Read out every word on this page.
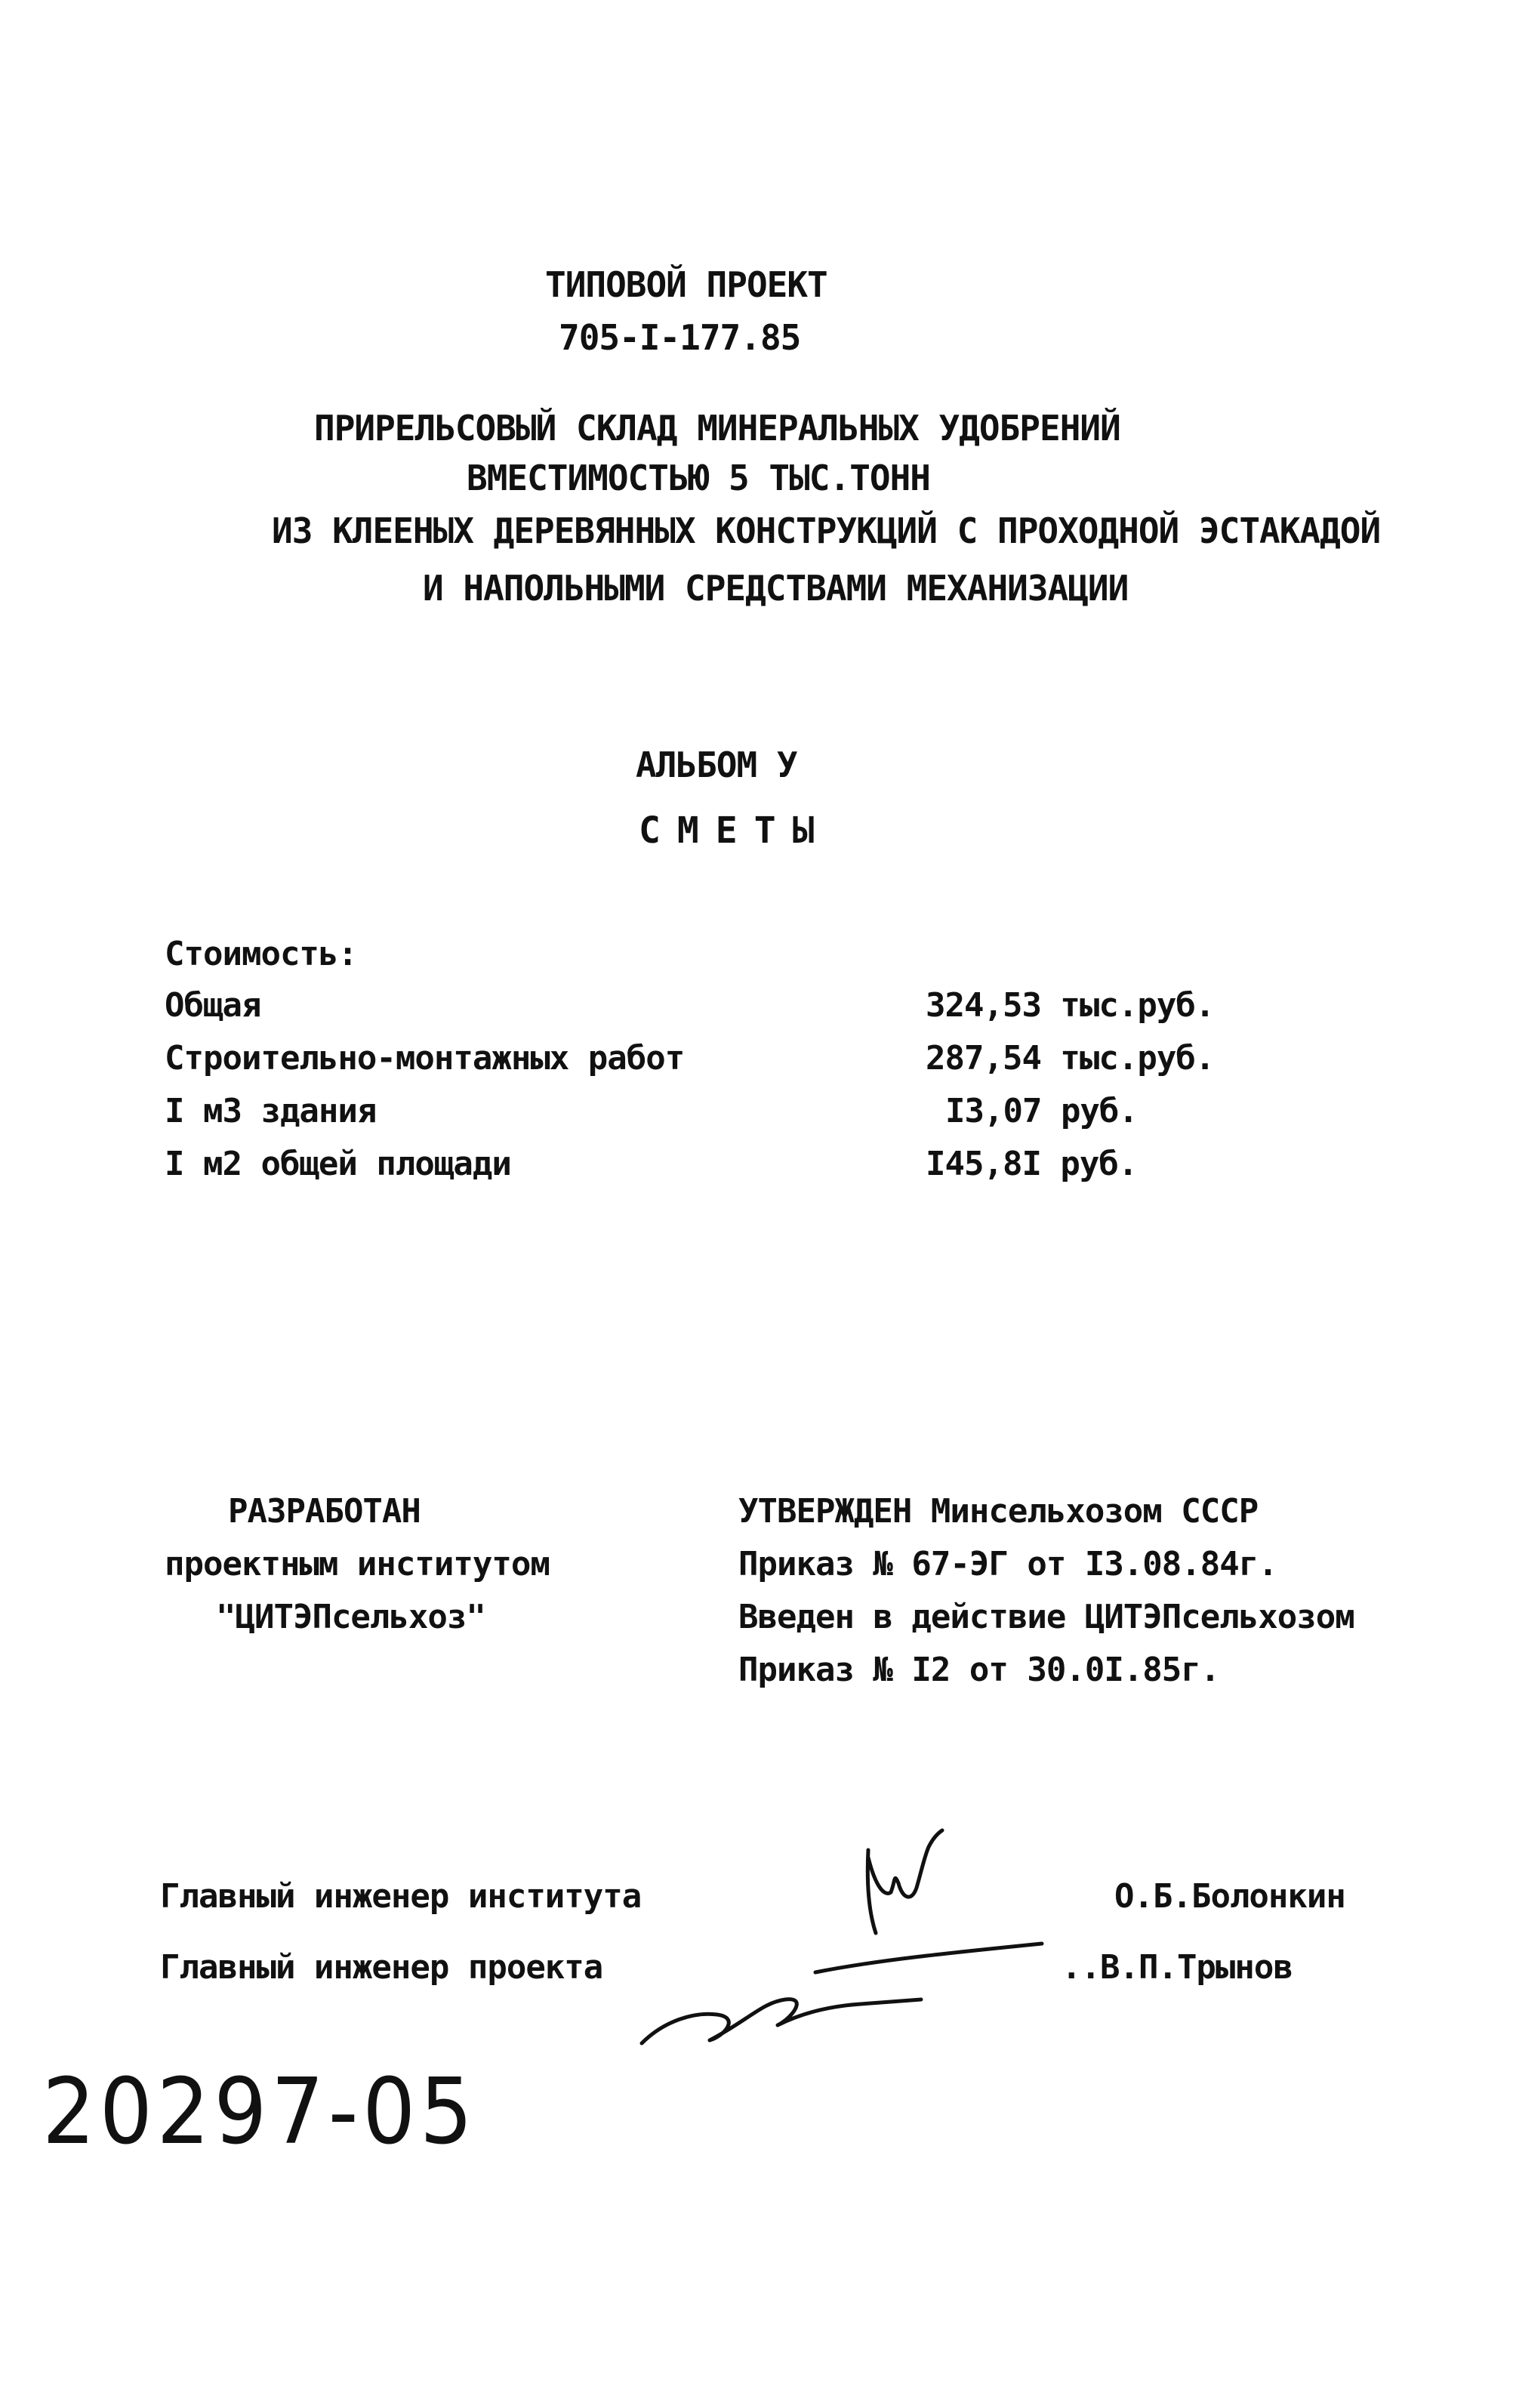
ТИПОВОЙ ПРОЕКТ
705-I-177.85
ПРИРЕЛЬСОВЫЙ СКЛАД МИНЕРАЛЬНЫХ УДОБРЕНИЙ
ВМЕСТИМОСТЬЮ 5 ТЫС.ТОНН
ИЗ КЛЕЕНЫХ ДЕРЕВЯННЫХ КОНСТРУКЦИЙ С ПРОХОДНОЙ ЭСТАКАДОЙ
И НАПОЛЬНЫМИ СРЕДСТВАМИ МЕХАНИЗАЦИИ
АЛЬБОМ У
СМЕТЫ
Стоимость:
Общая	324,53 тыс.руб.
Строительно-монтажных работ	287,54 тыс.руб.
I м3 здания	I3,07 руб.
I м2 общей площади	I45,8I руб.
РАЗРАБОТАН
проектным институтом
"ЦИТЭПсельхоз"
УТВЕРЖДЕН Минсельхозом СССР
Приказ № 67-ЭГ от I3.08.84г.
Введен в действие ЦИТЭПсельхозом
Приказ № I2 от 30.0I.85г.
Главный инженер института	О.Б.Болонкин
Главный инженер проекта	..В.П.Трынов
20297-05
